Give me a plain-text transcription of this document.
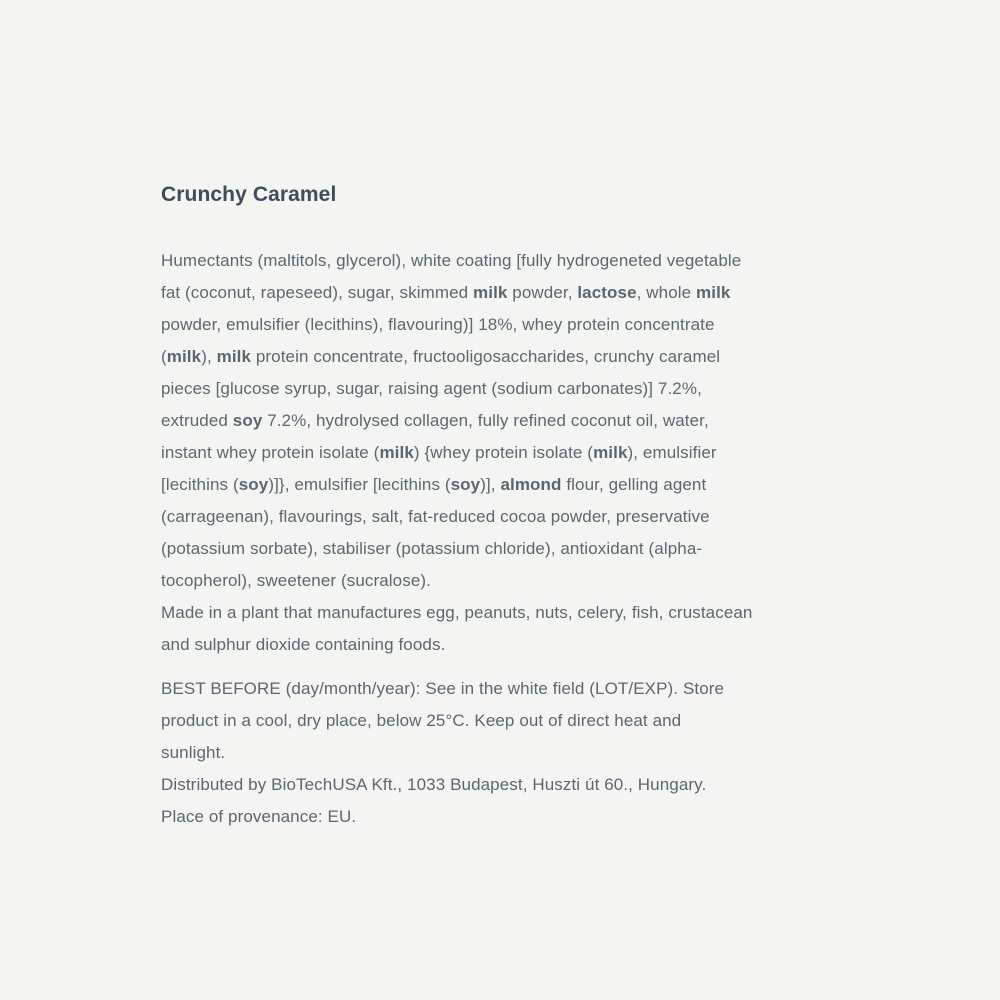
Crunchy Caramel
Humectants (maltitols, glycerol), white coating [fully hydrogeneted vegetable
fat (coconut, rapeseed), sugar, skimmed milk powder, lactose, whole milk
powder, emulsifier (lecithins), flavouring)] 18%, whey protein concentrate
(milk), milk protein concentrate, fructooligosaccharides, crunchy caramel
pieces [glucose syrup, sugar, raising agent (sodium carbonates)] 7.2%,
extruded soy 7.2%, hydrolysed collagen, fully refined coconut oil, water,
instant whey protein isolate (milk) {whey protein isolate (milk), emulsifier
[lecithins (soy)]}, emulsifier [lecithins (soy)], almond flour, gelling agent
(carrageenan), flavourings, salt, fat-reduced cocoa powder, preservative
(potassium sorbate), stabiliser (potassium chloride), antioxidant (alpha-
tocopherol), sweetener (sucralose).
Made in a plant that manufactures egg, peanuts, nuts, celery, fish, crustacean
and sulphur dioxide containing foods.
BEST BEFORE (day/month/year): See in the white field (LOT/EXP). Store
product in a cool, dry place, below 25°C. Keep out of direct heat and
sunlight.
Distributed by BioTechUSA Kft., 1033 Budapest, Huszti út 60., Hungary.
Place of provenance: EU.
